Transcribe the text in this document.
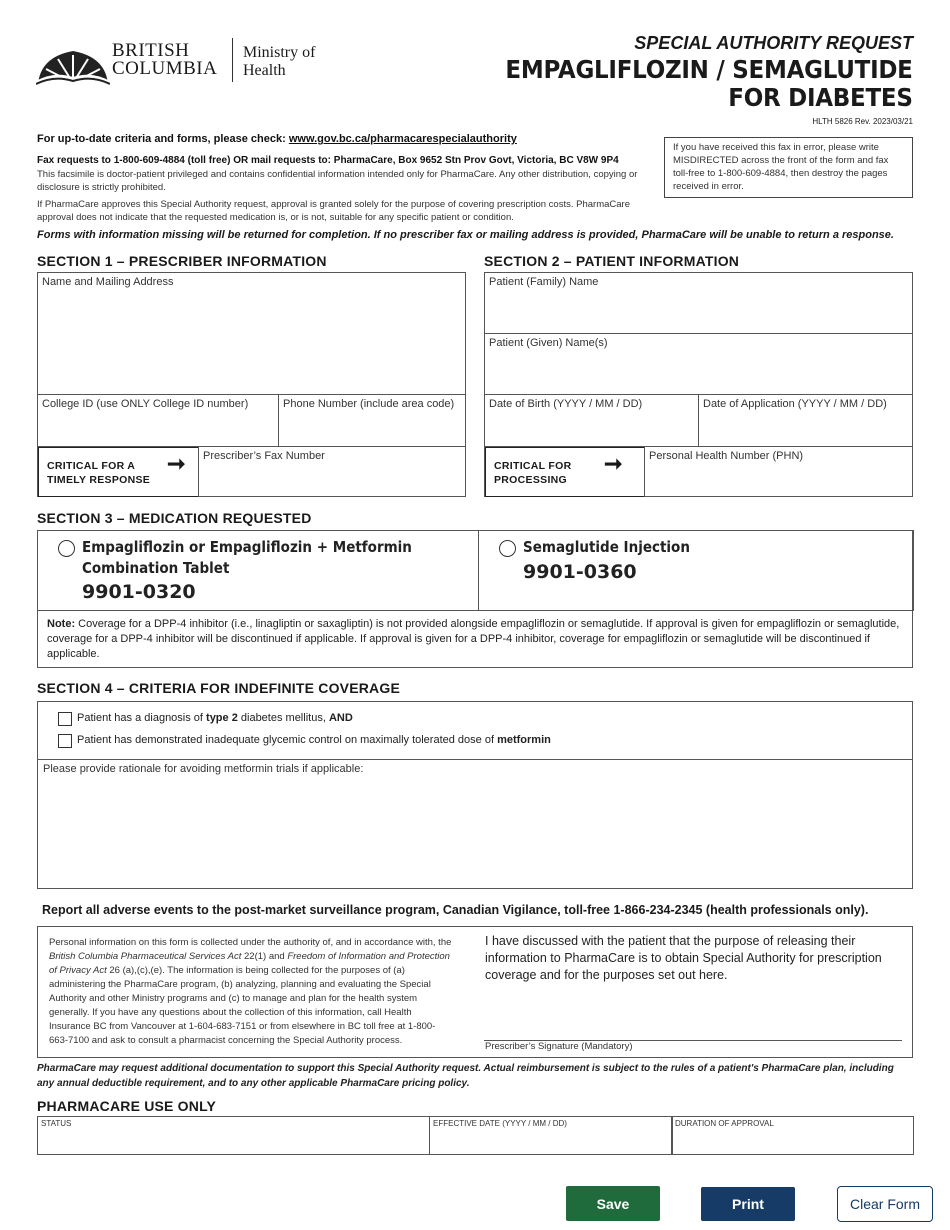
BRITISH
COLUMBIA
Ministry of
Health
SPECIAL AUTHORITY REQUEST
EMPAGLIFLOZIN / SEMAGLUTIDE
FOR DIABETES
HLTH 5826 Rev. 2023/03/21
If you have received this fax in error, please write MISDIRECTED across the front of the form and fax toll-free to 1-800-609-4884, then destroy the pages received in error.
For up-to-date criteria and forms, please check: www.gov.bc.ca/pharmacarespecialauthority
Fax requests to 1-800-609-4884 (toll free) OR mail requests to: PharmaCare, Box 9652 Stn Prov Govt, Victoria, BC V8W 9P4
This facsimile is doctor-patient privileged and contains confidential information intended only for PharmaCare. Any other distribution, copying or disclosure is strictly prohibited.
If PharmaCare approves this Special Authority request, approval is granted solely for the purpose of covering prescription costs. PharmaCare approval does not indicate that the requested medication is, or is not, suitable for any specific patient or condition.
Forms with information missing will be returned for completion. If no prescriber fax or mailing address is provided, PharmaCare will be unable to return a response.
SECTION 1 – PRESCRIBER INFORMATION
Name and Mailing Address
College ID (use ONLY College ID number)	Phone Number (include area code)
CRITICAL FOR A
TIMELY RESPONSE
➞ Prescriber’s Fax Number
SECTION 2 – PATIENT INFORMATION
Patient (Family) Name
Patient (Given) Name(s)
Date of Birth (YYYY / MM / DD)	Date of Application (YYYY / MM / DD)
CRITICAL FOR
PROCESSING
➞ Personal Health Number (PHN)
SECTION 3 – MEDICATION REQUESTED
Empagliflozin or Empagliflozin + Metformin
Combination Tablet
9901-0320
Semaglutide Injection
9901-0360
Note: Coverage for a DPP-4 inhibitor (i.e., linagliptin or saxagliptin) is not provided alongside empagliflozin or semaglutide. If approval is given for empagliflozin or semaglutide, coverage for a DPP-4 inhibitor will be discontinued if applicable. If approval is given for a DPP-4 inhibitor, coverage for empagliflozin or semaglutide will be discontinued if applicable.
SECTION 4 – CRITERIA FOR INDEFINITE COVERAGE
Patient has a diagnosis of type 2 diabetes mellitus, AND
Patient has demonstrated inadequate glycemic control on maximally tolerated dose of metformin
Please provide rationale for avoiding metformin trials if applicable:
Report all adverse events to the post-market surveillance program, Canadian Vigilance, toll-free 1-866-234-2345 (health professionals only).
Personal information on this form is collected under the authority of, and in accordance with, the British Columbia Pharmaceutical Services Act 22(1) and Freedom of Information and Protection of Privacy Act 26 (a),(c),(e). The information is being collected for the purposes of (a) administering the PharmaCare program, (b) analyzing, planning and evaluating the Special Authority and other Ministry programs and (c) to manage and plan for the health system generally. If you have any questions about the collection of this information, call Health Insurance BC from Vancouver at 1-604-683-7151 or from elsewhere in BC toll free at 1-800-663-7100 and ask to consult a pharmacist concerning the Special Authority process.
I have discussed with the patient that the purpose of releasing their information to PharmaCare is to obtain Special Authority for prescription coverage and for the purposes set out here.
Prescriber’s Signature (Mandatory)
PharmaCare may request additional documentation to support this Special Authority request. Actual reimbursement is subject to the rules of a patient's PharmaCare plan, including any annual deductible requirement, and to any other applicable PharmaCare pricing policy.
PHARMACARE USE ONLY
STATUS	EFFECTIVE DATE (YYYY / MM / DD)	DURATION OF APPROVAL
Save	Print	Clear Form
